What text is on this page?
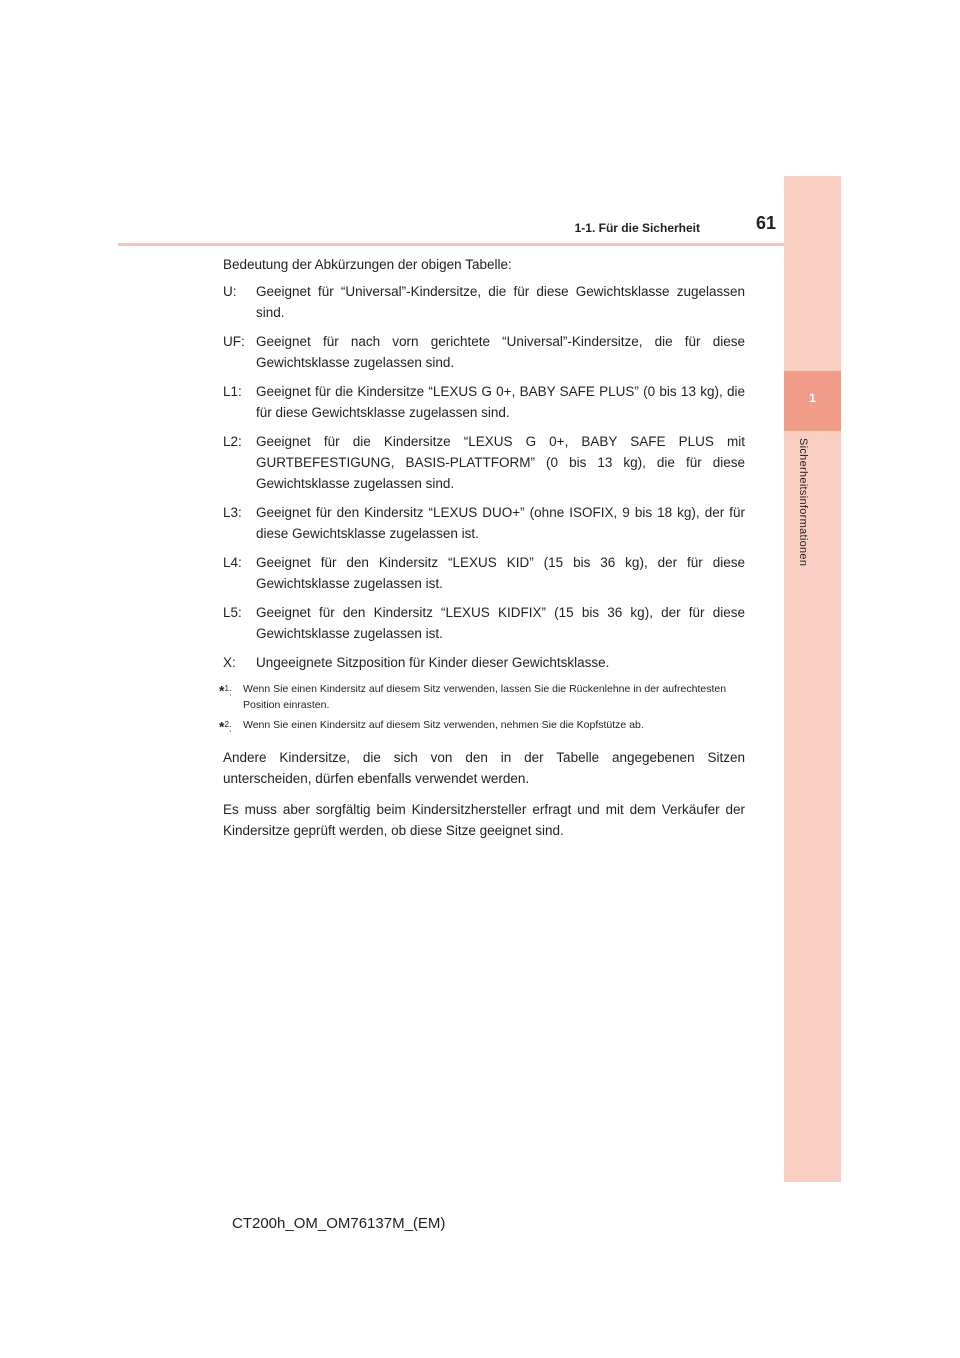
1-1. Für die Sicherheit	61
1
Sicherheitsinformationen

Bedeutung der Abkürzungen der obigen Tabelle:

U:	Geeignet für “Universal”-Kindersitze, die für diese Gewichtsklasse zugelassen sind.
UF: Geeignet für nach vorn gerichtete “Universal”-Kindersitze, die für diese Gewichtsklasse zugelassen sind.
L1:	Geeignet für die Kindersitze “LEXUS G 0+, BABY SAFE PLUS” (0 bis 13 kg), die für diese Gewichtsklasse zugelassen sind.
L2:	Geeignet für die Kindersitze “LEXUS G 0+, BABY SAFE PLUS mit GURTBEFESTIGUNG, BASIS-PLATTFORM” (0 bis 13 kg), die für diese Gewichtsklasse zugelassen sind.
L3:	Geeignet für den Kindersitz “LEXUS DUO+” (ohne ISOFIX, 9 bis 18 kg), der für diese Gewichtsklasse zugelassen ist.
L4:	Geeignet für den Kindersitz “LEXUS KID” (15 bis 36 kg), der für diese Gewichtsklasse zugelassen ist.
L5:	Geeignet für den Kindersitz “LEXUS KIDFIX” (15 bis 36 kg), der für diese Gewichtsklasse zugelassen ist.
X:	Ungeeignete Sitzposition für Kinder dieser Gewichtsklasse.
*$^1$:	Wenn Sie einen Kindersitz auf diesem Sitz verwenden, lassen Sie die Rückenlehne in der aufrechtesten Position einrasten.
*$^2$:	Wenn Sie einen Kindersitz auf diesem Sitz verwenden, nehmen Sie die Kopfstütze ab.

Andere Kindersitze, die sich von den in der Tabelle angegebenen Sitzen unterscheiden, dürfen ebenfalls verwendet werden.

Es muss aber sorgfältig beim Kindersitzhersteller erfragt und mit dem Verkäufer der Kindersitze geprüft werden, ob diese Sitze geeignet sind.

CT200h_OM_OM76137M_(EM)
